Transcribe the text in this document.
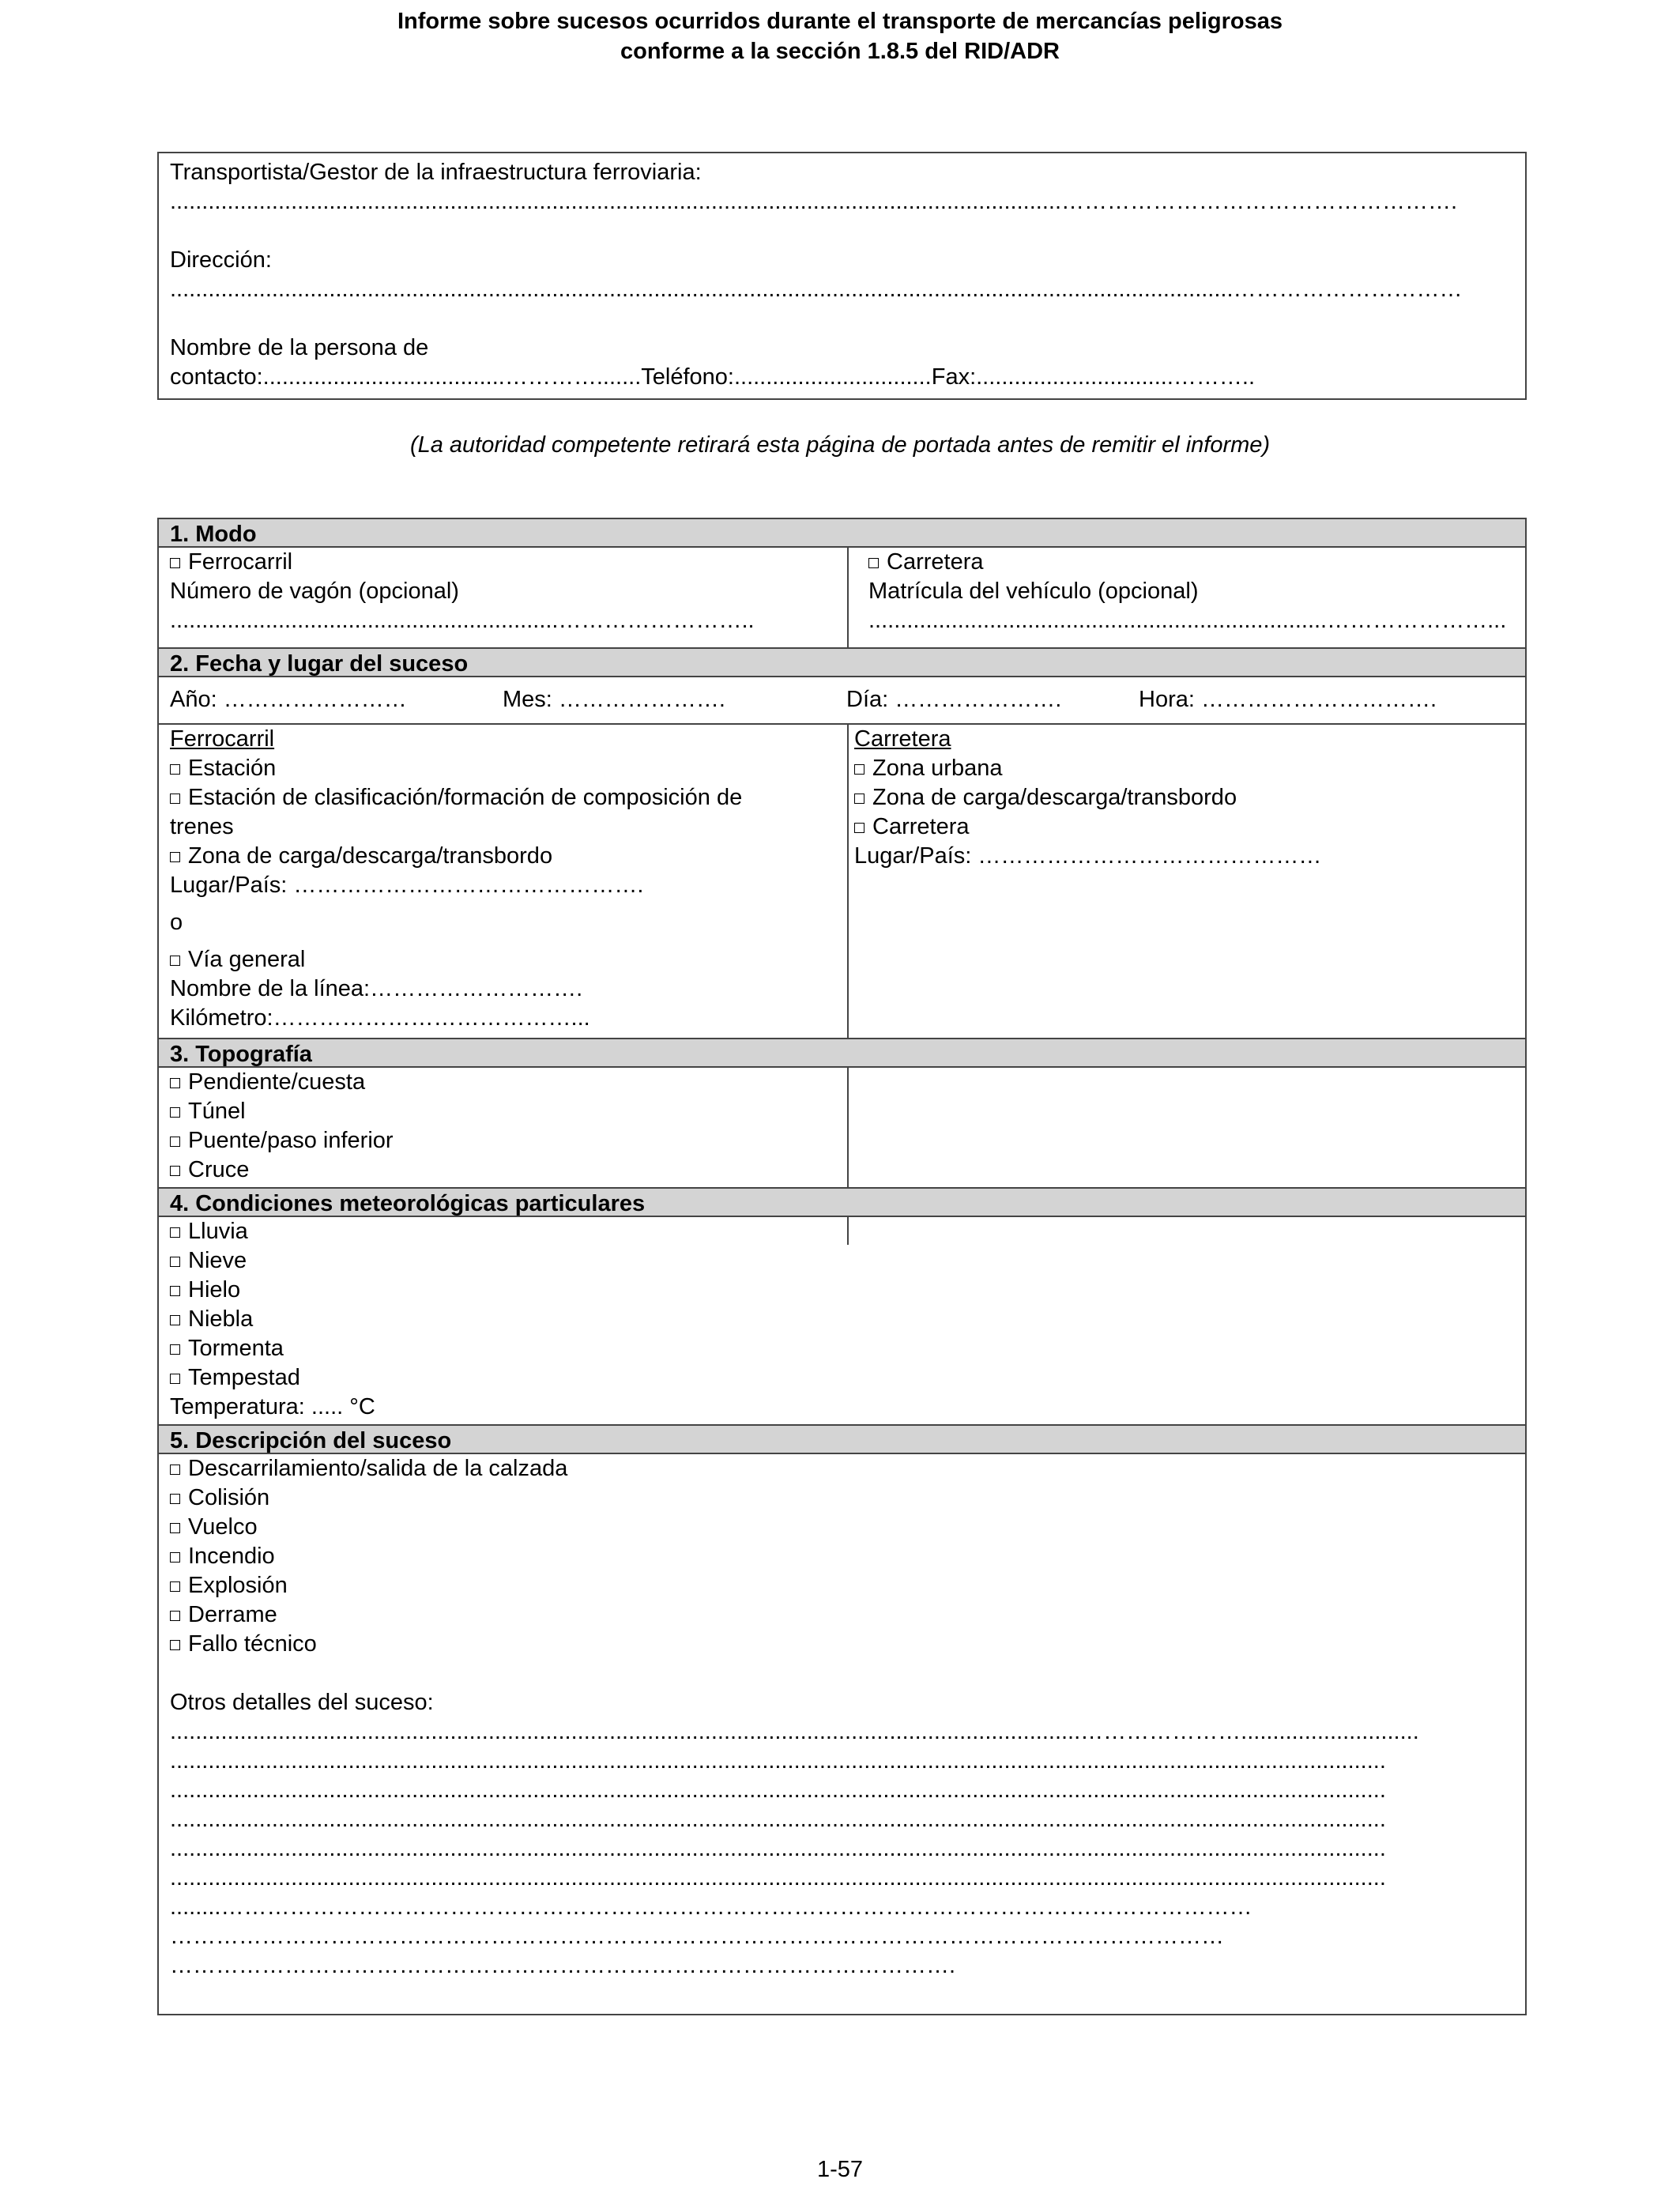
Informe sobre sucesos ocurridos durante el transporte de mercancías peligrosas
conforme a la sección 1.8.5 del RID/ADR
Transportista/Gestor de la infraestructura ferroviaria:
............................................................................................................................................…………………………………………….
Dirección:
.......................................................................................................................................................................…………………………
Nombre de la persona de
contacto:......................................………….......Teléfono:...............................Fax:...............................………..
(La autoridad competente retirará esta página de portada antes de remitir el informe)
1. Modo
Ferrocarril
Número de vagón (opcional)
.............................................................……………………..
Carretera
Matrícula del vehículo (opcional)
........................................................................…………………...
2. Fecha y lugar del suceso
Año: ……………………	Mes: ………………….	Día: ………………….	Hora: ………………………….
Ferrocarril
Estación
Estación de clasificación/formación de composición de
trenes
Zona de carga/descarga/transbordo
Lugar/País: ……………………………………….
o
Vía general
Nombre de la línea:……………………….
Kilómetro:…………………………………...
Carretera
Zona urbana
Zona de carga/descarga/transbordo
Carretera
Lugar/País: ………………………………………
3. Topografía
Pendiente/cuesta
Túnel
Puente/paso inferior
Cruce
4. Condiciones meteorológicas particulares
Lluvia
Nieve
Hielo
Niebla
Tormenta
Tempestad
Temperatura: ..... °C
5. Descripción del suceso
Descarrilamiento/salida de la calzada
Colisión
Vuelco
Incendio
Explosión
Derrame
Fallo técnico
Otros detalles del suceso:
...............................................................................................................................................…………………............................
...............................................................................................................................................................................................
...............................................................................................................................................................................................
...............................................................................................................................................................................................
...............................................................................................................................................................................................
...............................................................................................................................................................................................
........………………………………………………………………………………………………………………………
…………………………………………………………………………………………………………………………
………………………………………………………………………………………….
1-57
